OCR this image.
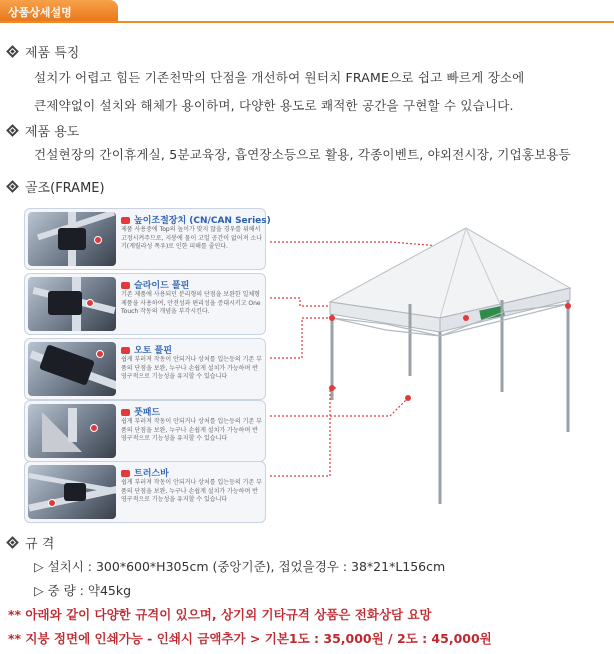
상품상세설명
제품 특징
설치가 어렵고 힘든 기존천막의 단점을 개선하여 원터치 FRAME으로 쉽고 빠르게 장소에
큰제약없이 설치와 해체가 용이하며, 다양한 용도로 쾌적한 공간을 구현할 수 있습니다.
제품 용도
건설현장의 간이휴게실, 5분교육장, 흡연장소등으로 활용, 각종이벤트, 야외전시장, 기업홍보용등
골조(FRAME)
높이조절장치 (CN/CAN Series)
제품 사용중에 Top의 높이가 맞지 않을 경우를 위해서 고정시켜주므로, 지붕에 물이 고일 공간이 없어져 소나기(게릴라성 폭우)로 인한 피해를 줄인다.
슬라이드 풀핀
기존 제품에 사용되던 분리형의 단점을 보완한 일체형 제품을 사용하여, 안전성과 편리성을 증대시키고 One Touch 작동의 개념을 부각시킨다.
오토 풀핀
쉽게 부러져 작동이 안되거나 상처를 입는등의 기존 부품의 단점을 보완, 누구나 손쉽게 설치가 가능하며 반영구적으로 기능성을 유지할 수 있습니다
풋패드
쉽게 부러져 작동이 안되거나 상처를 입는등의 기존 부품의 단점을 보완, 누구나 손쉽게 설치가 가능하며 반영구적으로 기능성을 유지할 수 있습니다
트러스바
쉽게 부러져 작동이 안되거나 상처를 입는등의 기존 부품의 단점을 보완, 누구나 손쉽게 설치가 가능하며 반영구적으로 기능성을 유지할 수 있습니다
규 격
▷ 설치시 : 300*600*H305cm (중앙기준), 접었을경우 : 38*21*L156cm
▷ 중 량 : 약45kg
** 아래와 같이 다양한 규격이 있으며, 상기외 기타규격 상품은 전화상담 요망
** 지붕 정면에 인쇄가능 - 인쇄시 금액추가 > 기본1도 : 35,000원 / 2도 : 45,000원
